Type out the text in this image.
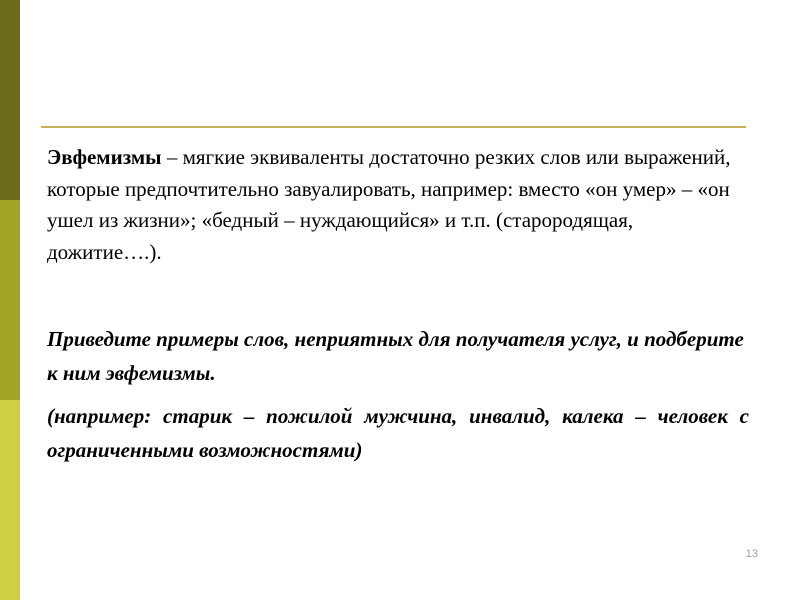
Эвфемизмы – мягкие эквиваленты достаточно резких слов или выражений, которые предпочтительно завуалировать, например: вместо «он умер» – «он ушел из жизни»; «бедный – нуждающийся» и т.п. (старородящая, дожитие….).

Приведите примеры слов, неприятных для получателя услуг, и подберите к ним эвфемизмы.

(например: старик – пожилой мужчина, инвалид, калека – человек с ограниченными возможностями)

13
